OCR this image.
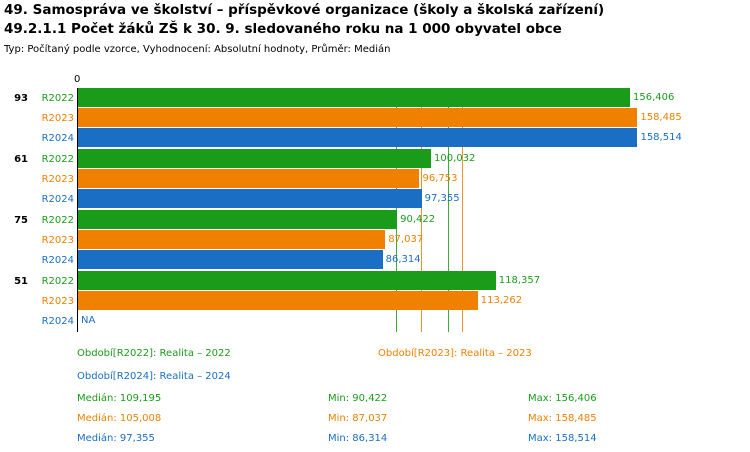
49. Samospráva ve školství – příspěvkové organizace (školy a školská zařízení)
49.2.1.1 Počet žáků ZŠ k 30. 9. sledovaného roku na 1 000 obyvatel obce
Typ: Počítaný podle vzorce, Vyhodnocení: Absolutní hodnoty, Průměr: Medián
0
156,406
158,485
158,514
100,032
96,753
97,355
90,422
87,037
86,314
118,357
113,262
NA
93
61
75
51
R2022
R2023
R2024
R2022
R2023
R2024
R2022
R2023
R2024
R2022
R2023
R2024
Období[R2022]: Realita – 2022	Období[R2023]: Realita – 2023
Období[R2024]: Realita – 2024
Medián: 109,195	Min: 90,422	Max: 156,406
Medián: 105,008	Min: 87,037	Max: 158,485
Medián: 97,355	Min: 86,314	Max: 158,514
